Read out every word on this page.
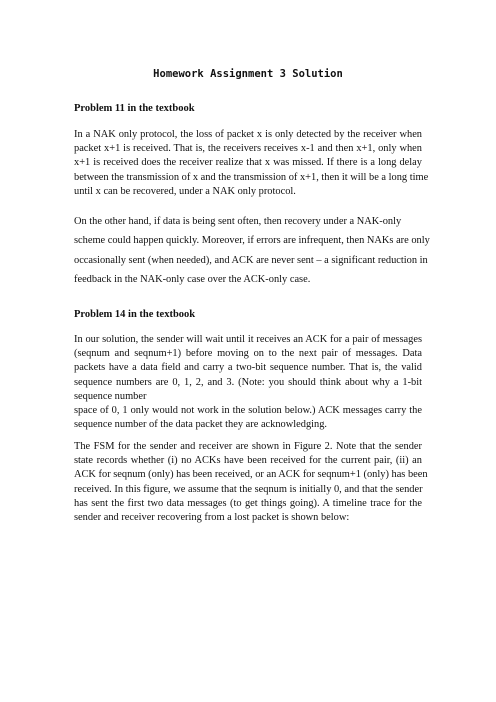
Homework Assignment 3 Solution
Problem 11 in the textbook
In a NAK only protocol, the loss of packet x is only detected by the receiver when
packet x+1 is received. That is, the receivers receives x-1 and then x+1, only when
x+1 is received does the receiver realize that x was missed. If there is a long delay
between the transmission of x and the transmission of x+1, then it will be a long time
until x can be recovered, under a NAK only protocol.
On the other hand, if data is being sent often, then recovery under a NAK-only
scheme could happen quickly. Moreover, if errors are infrequent, then NAKs are only
occasionally sent (when needed), and ACK are never sent – a significant reduction in
feedback in the NAK-only case over the ACK-only case.
Problem 14 in the textbook
In our solution, the sender will wait until it receives an ACK for a pair of messages
(seqnum and seqnum+1) before moving on to the next pair of messages. Data
packets have a data field and carry a two-bit sequence number. That is, the valid
sequence numbers are 0, 1, 2, and 3. (Note: you should think about why a 1-bit
sequence number
space of 0, 1 only would not work in the solution below.) ACK messages carry the
sequence number of the data packet they are acknowledging.
The FSM for the sender and receiver are shown in Figure 2. Note that the sender
state records whether (i) no ACKs have been received for the current pair, (ii) an
ACK for seqnum (only) has been received, or an ACK for seqnum+1 (only) has been
received. In this figure, we assume that the seqnum is initially 0, and that the sender
has sent the first two data messages (to get things going). A timeline trace for the
sender and receiver recovering from a lost packet is shown below:
